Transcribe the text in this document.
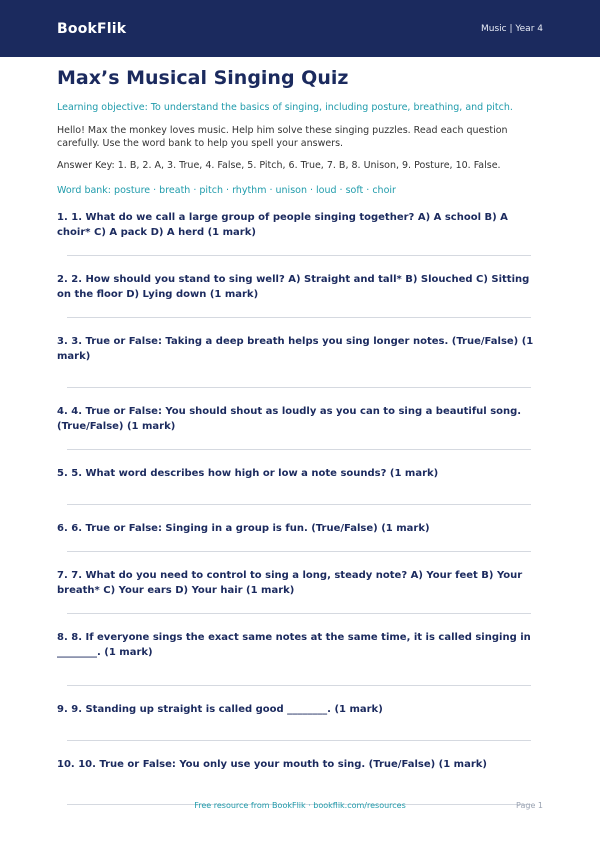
BookFlik	Music | Year 4
Max’s Musical Singing Quiz

Learning objective: To understand the basics of singing, including posture, breathing, and pitch.

Hello! Max the monkey loves music. Help him solve these singing puzzles. Read each question carefully. Use the word bank to help you spell your answers.

Answer Key: 1. B, 2. A, 3. True, 4. False, 5. Pitch, 6. True, 7. B, 8. Unison, 9. Posture, 10. False.

Word bank: posture · breath · pitch · rhythm · unison · loud · soft · choir

1. 1. What do we call a large group of people singing together? A) A school B) A choir* C) A pack D) A herd (1 mark)

2. 2. How should you stand to sing well? A) Straight and tall* B) Slouched C) Sitting on the floor D) Lying down (1 mark)

3. 3. True or False: Taking a deep breath helps you sing longer notes. (True/False) (1 mark)

4. 4. True or False: You should shout as loudly as you can to sing a beautiful song. (True/False) (1 mark)

5. 5. What word describes how high or low a note sounds? (1 mark)

6. 6. True or False: Singing in a group is fun. (True/False) (1 mark)

7. 7. What do you need to control to sing a long, steady note? A) Your feet B) Your breath* C) Your ears D) Your hair (1 mark)

8. 8. If everyone sings the exact same notes at the same time, it is called singing in ________. (1 mark)

9. 9. Standing up straight is called good ________. (1 mark)

10. 10. True or False: You only use your mouth to sing. (True/False) (1 mark)

Free resource from BookFlik · bookflik.com/resources	Page 1
